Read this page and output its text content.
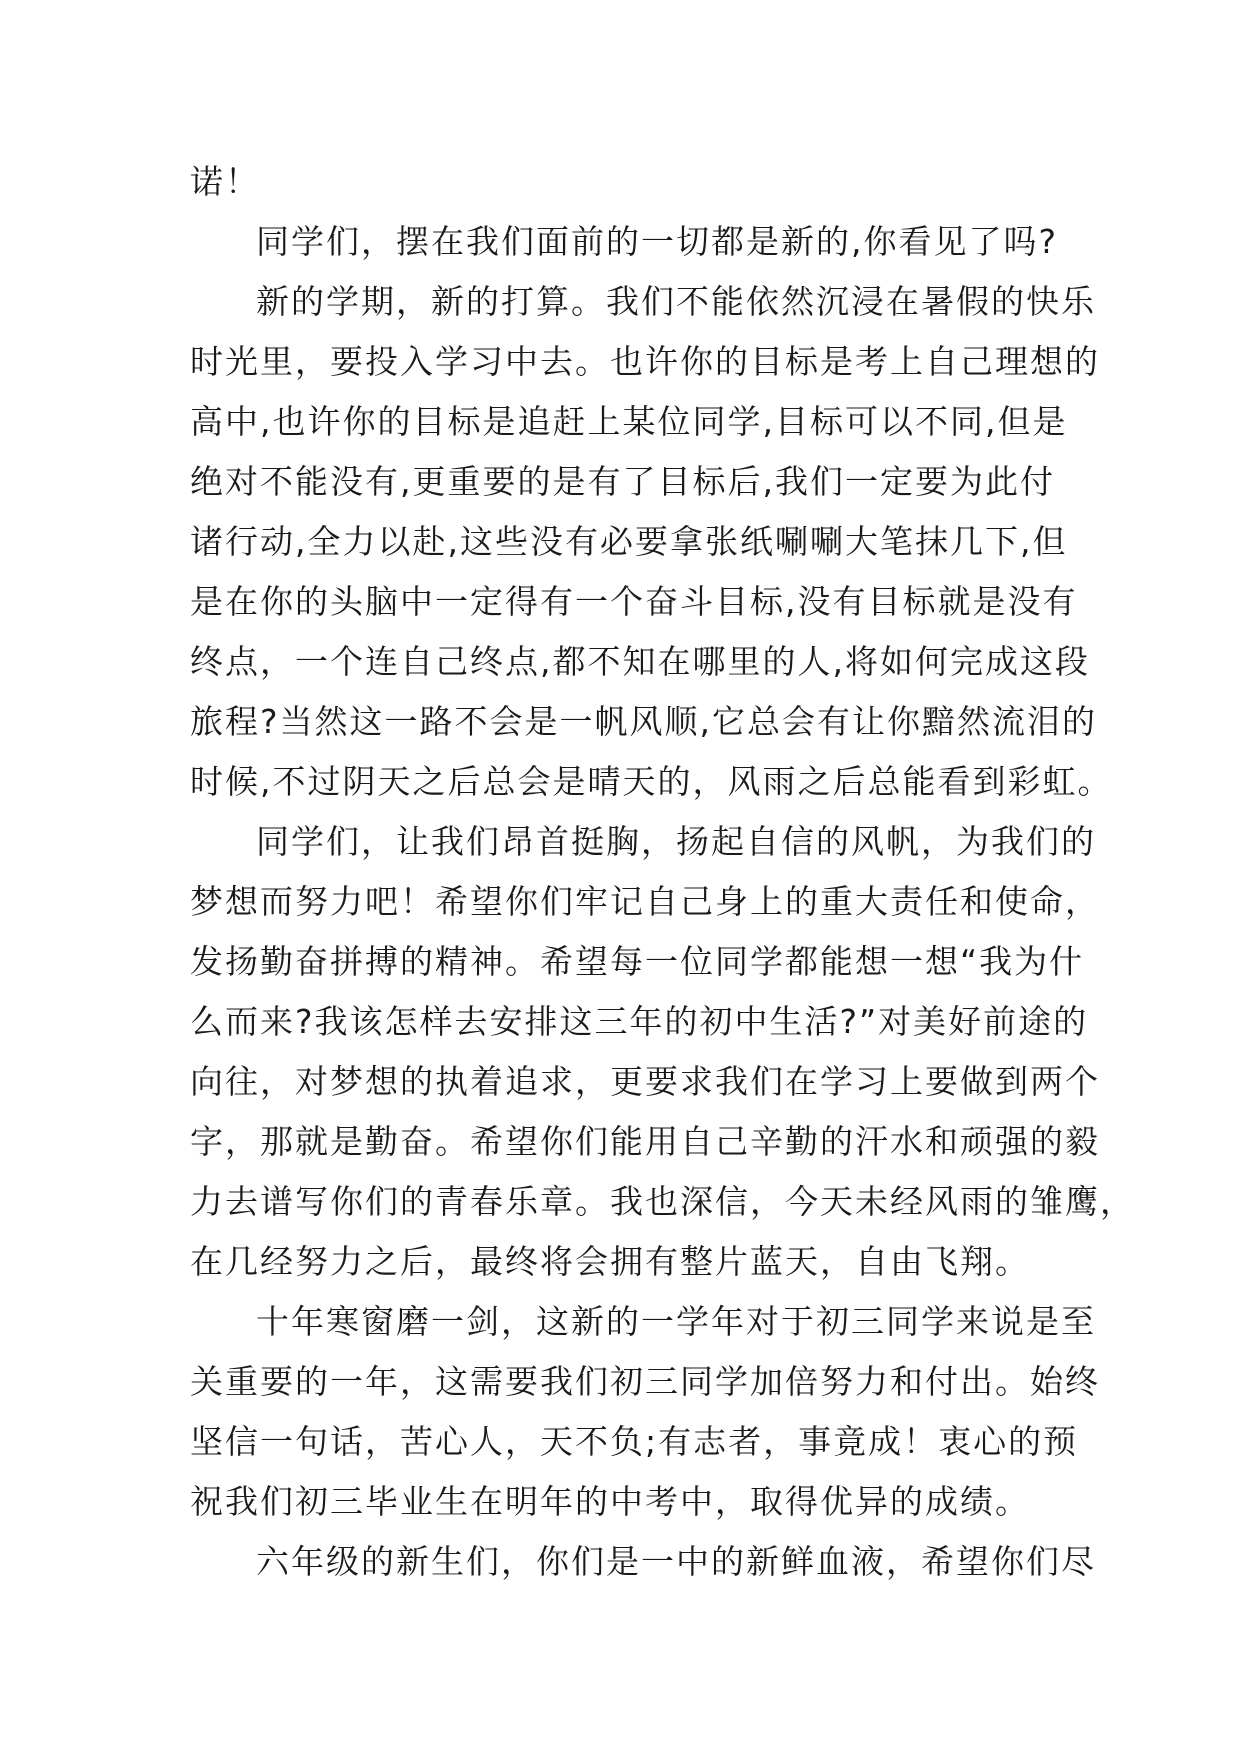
诺！
同学们，摆在我们面前的一切都是新的,你看见了吗?
新的学期，新的打算。我们不能依然沉浸在暑假的快乐
时光里，要投入学习中去。也许你的目标是考上自己理想的
高中,也许你的目标是追赶上某位同学,目标可以不同,但是
绝对不能没有,更重要的是有了目标后,我们一定要为此付
诸行动,全力以赴,这些没有必要拿张纸唰唰大笔抹几下,但
是在你的头脑中一定得有一个奋斗目标,没有目标就是没有
终点，一个连自己终点,都不知在哪里的人,将如何完成这段
旅程?当然这一路不会是一帆风顺,它总会有让你黯然流泪的
时候,不过阴天之后总会是晴天的，风雨之后总能看到彩虹。
同学们，让我们昂首挺胸，扬起自信的风帆，为我们的
梦想而努力吧！希望你们牢记自己身上的重大责任和使命，
发扬勤奋拼搏的精神。希望每一位同学都能想一想“我为什
么而来?我该怎样去安排这三年的初中生活?”对美好前途的
向往，对梦想的执着追求，更要求我们在学习上要做到两个
字，那就是勤奋。希望你们能用自己辛勤的汗水和顽强的毅
力去谱写你们的青春乐章。我也深信，今天未经风雨的雏鹰，
在几经努力之后，最终将会拥有整片蓝天，自由飞翔。
十年寒窗磨一剑，这新的一学年对于初三同学来说是至
关重要的一年，这需要我们初三同学加倍努力和付出。始终
坚信一句话，苦心人，天不负;有志者，事竟成！衷心的预
祝我们初三毕业生在明年的中考中，取得优异的成绩。
六年级的新生们，你们是一中的新鲜血液，希望你们尽
